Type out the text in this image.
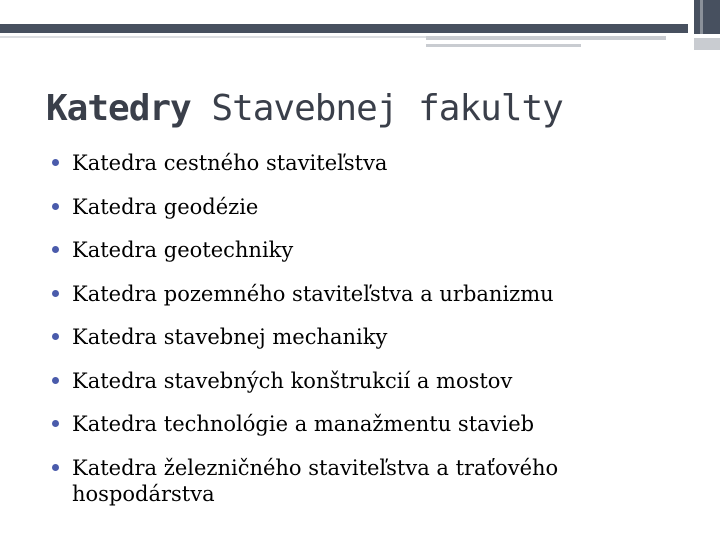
Katedry Stavebnej fakulty
Katedra cestného staviteľstva
Katedra geodézie
Katedra geotechniky
Katedra pozemného staviteľstva a urbanizmu
Katedra stavebnej mechaniky
Katedra stavebných konštrukcií a mostov
Katedra technológie a manažmentu stavieb
Katedra železničného staviteľstva a traťového hospodárstva
